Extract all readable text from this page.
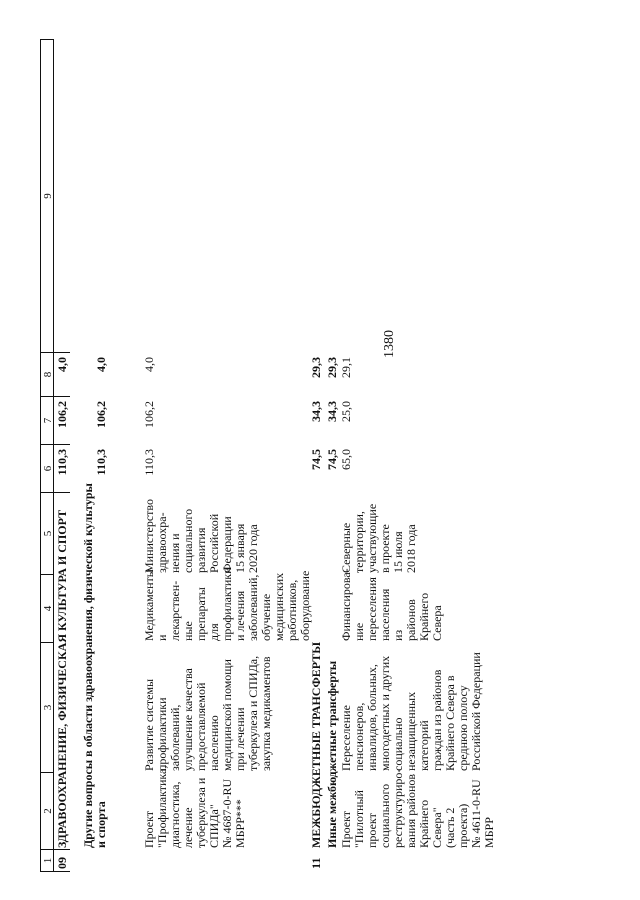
1380
1
2
3
4
5
6
7
8
9
09
ЗДРАВООХРАНЕНИЕ, ФИЗИЧЕСКАЯ КУЛЬТУРА И СПОРТ
110,3
106,2
4,0
Другие вопросы в области здравоохранения, физической культуры
и спорта
110,3
106,2
4,0
Проект
"Профилактика,
диагностика,
лечение
туберкулеза и
СПИДа"
№ 4687-0-RU
МБРР***
Развитие системы
профилактики
заболеваний,
улучшение качества
предоставляемой
населению
медицинской помощи
при лечении
туберкулеза и СПИДа,
закупка медикаментов
Медикаменты
и лекарствен-
ные
препараты для
профилактики
и лечения
заболеваний,
обучение
медицинских
работников,
оборудование
Министерство
здравоохра-
нения и
социального
развития
Российской
Федерации
15 января
2020 года
110,3
106,2
4,0
11
МЕЖБЮДЖЕТНЫЕ ТРАНСФЕРТЫ
74,5
34,3
29,3
Иные межбюджетные трансферты
74,5
34,3
29,3
Проект
"Пилотный
проект
социального
реструктуриро-
вания районов
Крайнего
Севера"
(часть 2 проекта)
№ 4611-0-RU
МБРР
Переселение
пенсионеров,
инвалидов, больных,
многодетных и других
социально
незащищенных
категорий
граждан из районов
Крайнего Севера в
среднюю полосу
Российской Федерации
Финансирова-
ние
переселения
населения из
районов
Крайнего
Севера
Северные
территории,
участвующие
в проекте
15 июля
2018 года
65,0
25,0
29,1
